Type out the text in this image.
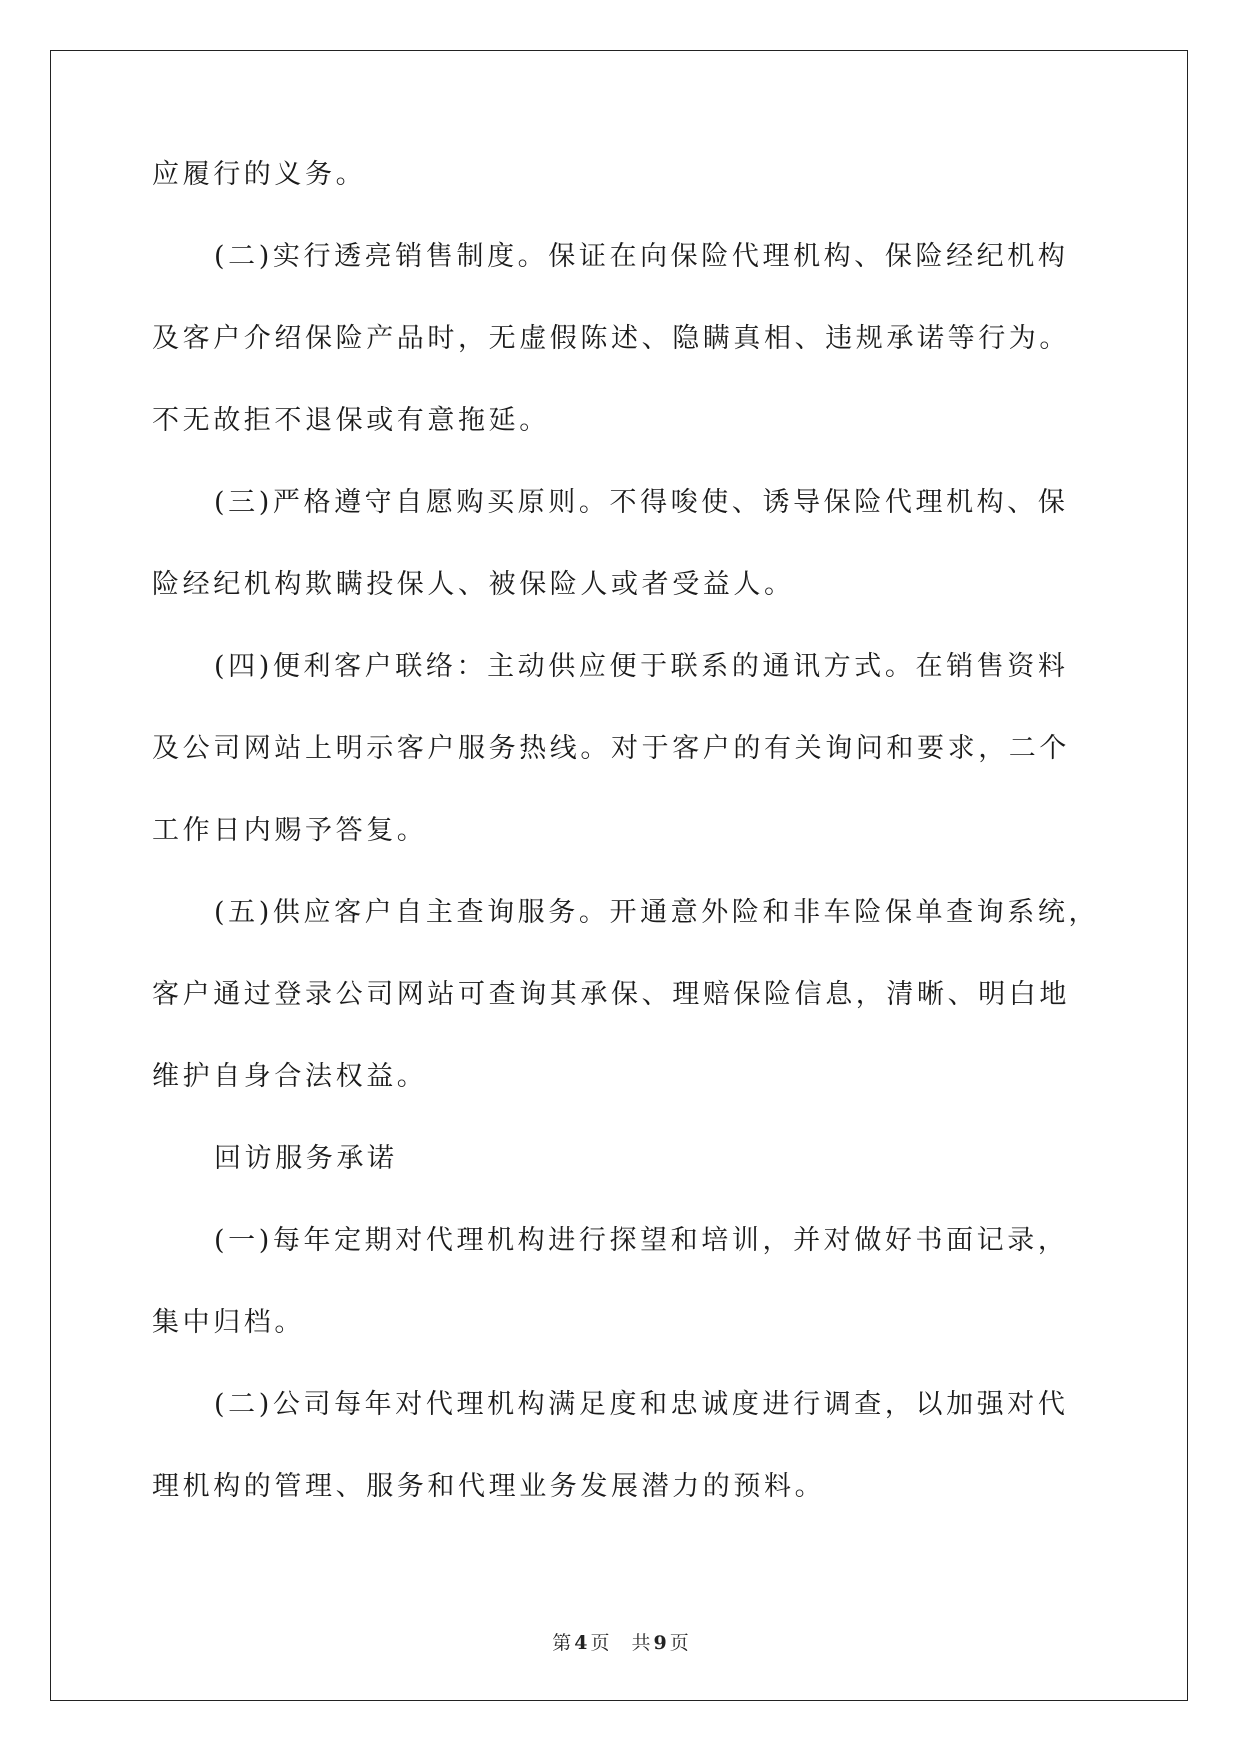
应履行的义务。

(二)实行透亮销售制度。保证在向保险代理机构、保险经纪机构

及客户介绍保险产品时，无虚假陈述、隐瞒真相、违规承诺等行为。

不无故拒不退保或有意拖延。

(三)严格遵守自愿购买原则。不得唆使、诱导保险代理机构、保

险经纪机构欺瞒投保人、被保险人或者受益人。

(四)便利客户联络：主动供应便于联系的通讯方式。在销售资料

及公司网站上明示客户服务热线。对于客户的有关询问和要求，二个

工作日内赐予答复。

(五)供应客户自主查询服务。开通意外险和非车险保单查询系统，

客户通过登录公司网站可查询其承保、理赔保险信息，清晰、明白地

维护自身合法权益。

回访服务承诺

(一)每年定期对代理机构进行探望和培训，并对做好书面记录，

集中归档。

(二)公司每年对代理机构满足度和忠诚度进行调查，以加强对代

理机构的管理、服务和代理业务发展潜力的预料。

第 4 页 共 9 页
